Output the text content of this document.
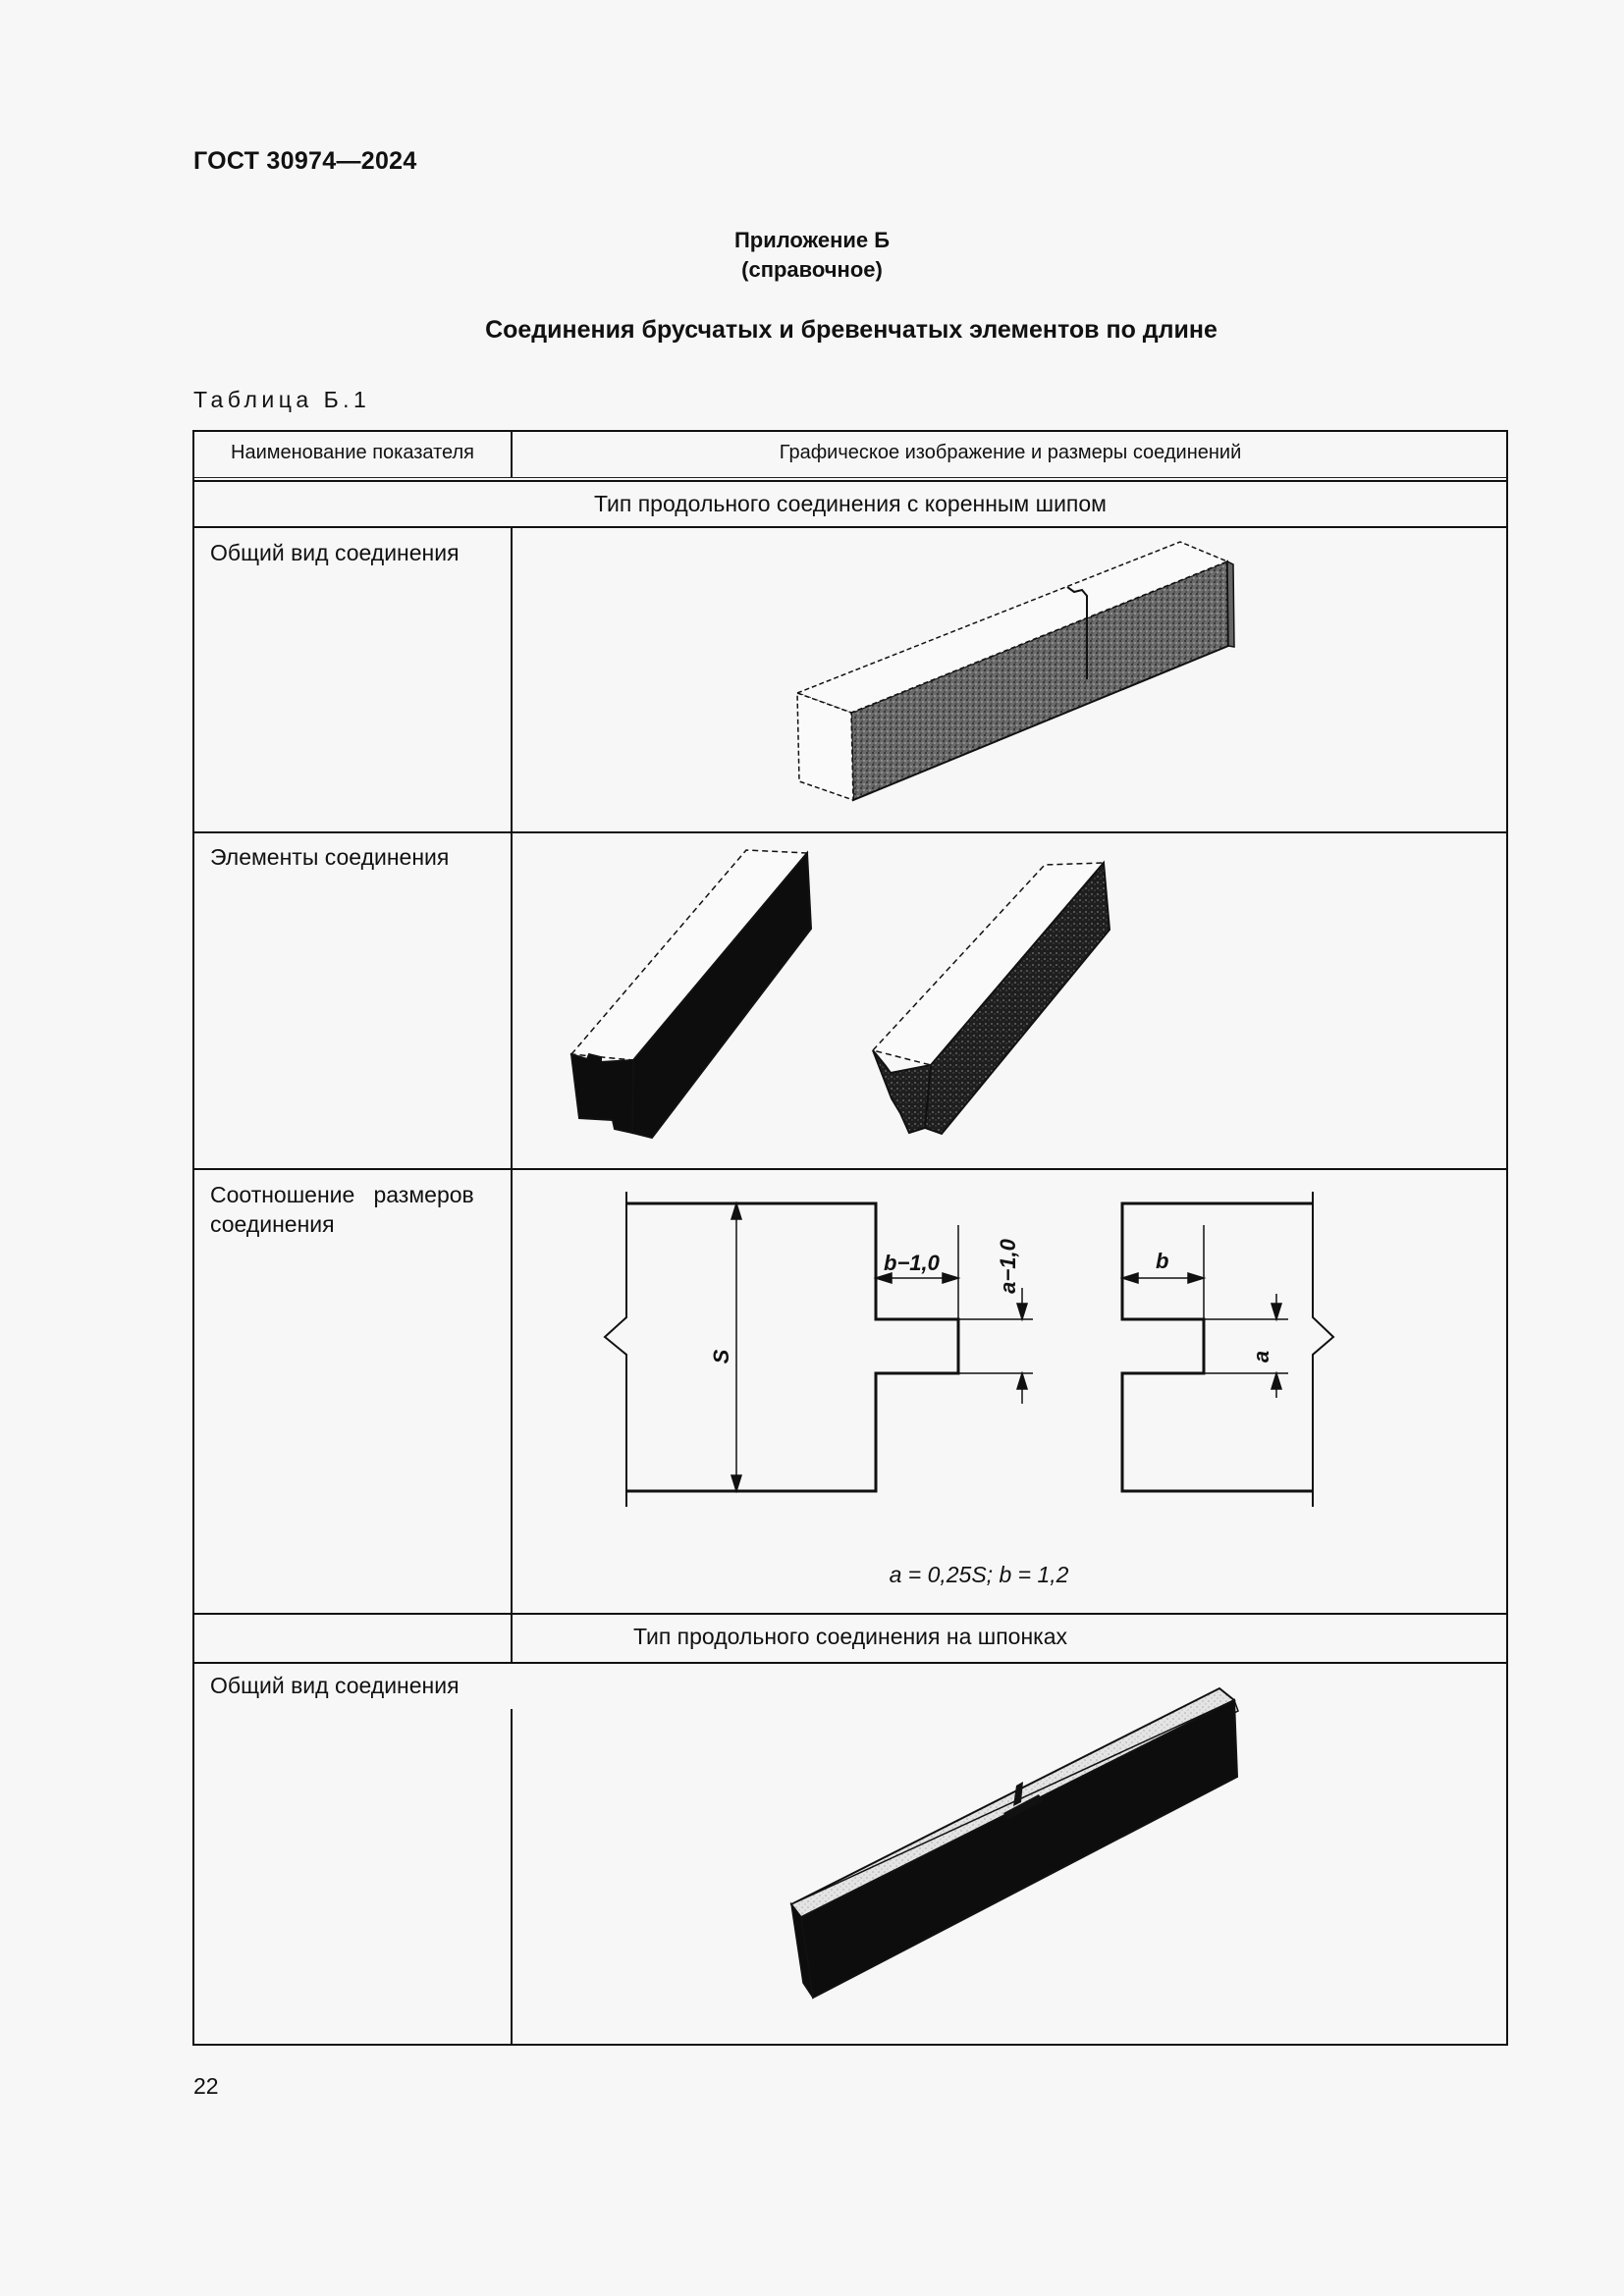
ГОСТ 30974—2024
Приложение Б
(справочное)
Соединения брусчатых и бревенчатых элементов по длине
Таблица Б.1
Наименование показателя	Графическое изображение и размеры соединений
Тип продольного соединения с коренным шипом
Общий вид соединения
Элементы соединения
Соотношение   размеров
соединения
S
b−1,0	a−1,0	b
a
a = 0,25S; b = 1,2
Тип продольного соединения на шпонках
Общий вид соединения
22
